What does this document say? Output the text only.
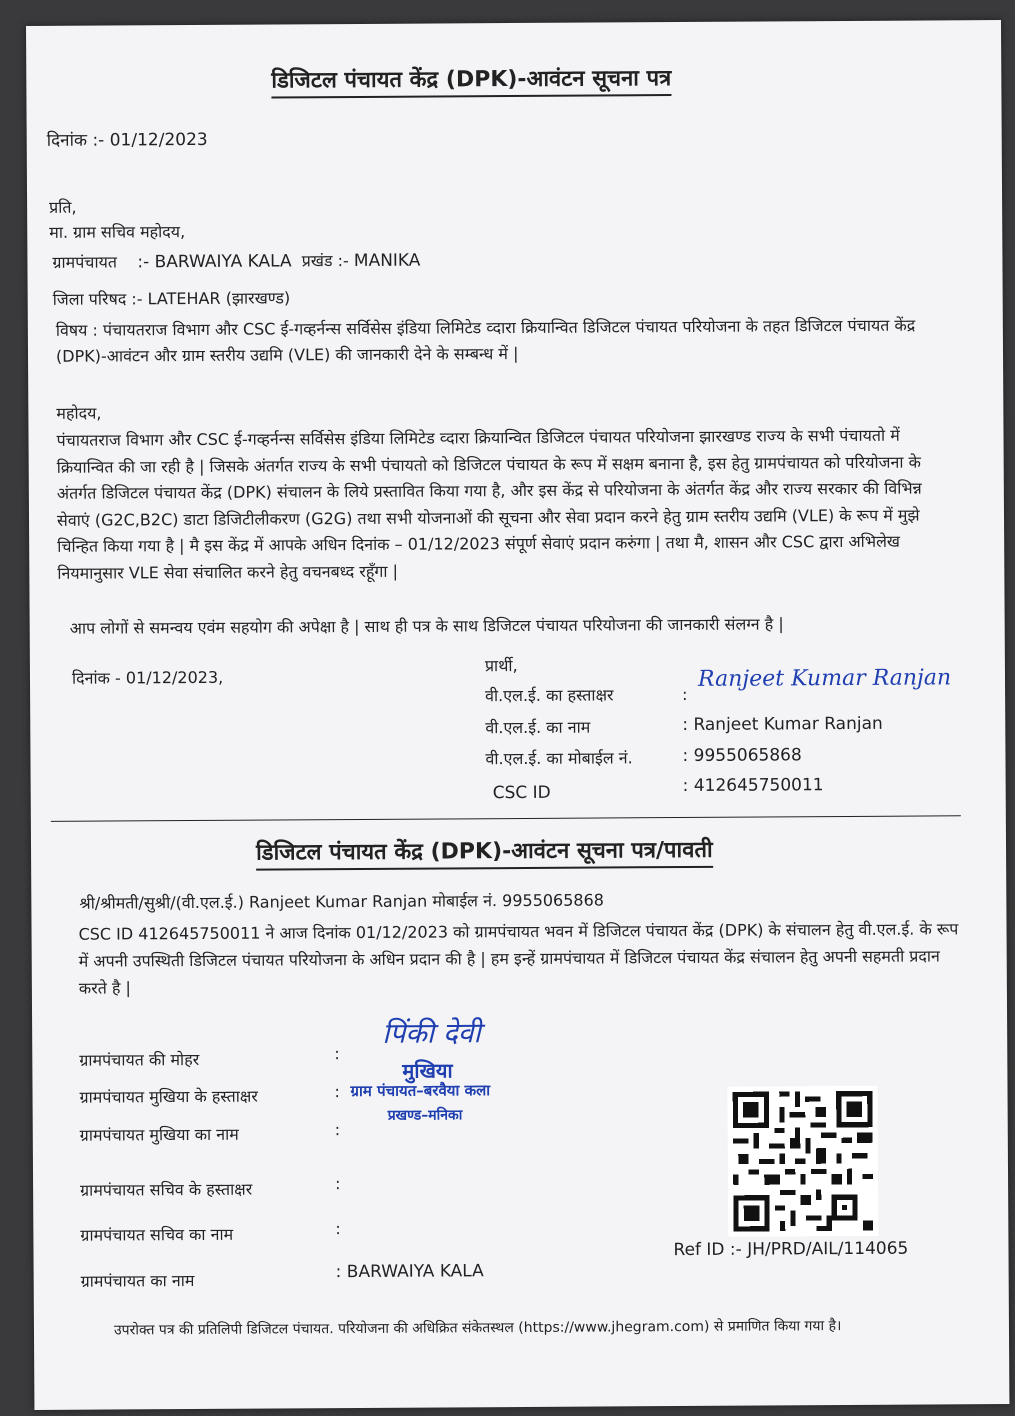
डिजिटल पंचायत केंद्र (DPK)-आवंटन सूचना पत्र
दिनांक :- 01/12/2023
प्रति,
मा. ग्राम सचिव महोदय,
ग्रामपंचायत :- BARWAIYA KALA प्रखंड :- MANIKA
जिला परिषद :- LATEHAR (झारखण्ड)
विषय : पंचायतराज विभाग और CSC ई-गव्हर्नन्स सर्विसेस इंडिया लिमिटेड व्दारा क्रियान्वित डिजिटल पंचायत परियोजना के तहत डिजिटल पंचायत केंद्र (DPK)-आवंटन और ग्राम स्तरीय उद्यमि (VLE) की जानकारी देने के सम्बन्ध में |
महोदय,
पंचायतराज विभाग और CSC ई-गव्हर्नन्स सर्विसेस इंडिया लिमिटेड व्दारा क्रियान्वित डिजिटल पंचायत परियोजना झारखण्ड राज्य के सभी पंचायतो में क्रियान्वित की जा रही है | जिसके अंतर्गत राज्य के सभी पंचायतो को डिजिटल पंचायत के रूप में सक्षम बनाना है, इस हेतु ग्रामपंचायत को परियोजना के अंतर्गत डिजिटल पंचायत केंद्र (DPK) संचालन के लिये प्रस्तावित किया गया है, और इस केंद्र से परियोजना के अंतर्गत केंद्र और राज्य सरकार की विभिन्न सेवाएं (G2C,B2C) डाटा डिजिटीलीकरण (G2G) तथा सभी योजनाओं की सूचना और सेवा प्रदान करने हेतु ग्राम स्तरीय उद्यमि (VLE) के रूप में मुझे चिन्हित किया गया है | मै इस केंद्र में आपके अधिन दिनांक – 01/12/2023 संपूर्ण सेवाएं प्रदान करुंगा | तथा मै, शासन और CSC द्वारा अभिलेख नियमानुसार VLE सेवा संचालित करने हेतु वचनबध्द रहूँगा |
आप लोगों से समन्वय एवंम सहयोग की अपेक्षा है | साथ ही पत्र के साथ डिजिटल पंचायत परियोजना की जानकारी संलग्न है |
दिनांक - 01/12/2023,
प्रार्थी,
वी.एल.ई. का हस्ताक्षर	:
Ranjeet Kumar Ranjan
वी.एल.ई. का नाम	: Ranjeet Kumar Ranjan
वी.एल.ई. का मोबाईल नं.	: 9955065868
CSC ID	: 412645750011
डिजिटल पंचायत केंद्र (DPK)-आवंटन सूचना पत्र/पावती
श्री/श्रीमती/सुश्री/(वी.एल.ई.) Ranjeet Kumar Ranjan मोबाईल नं. 9955065868
CSC ID 412645750011 ने आज दिनांक 01/12/2023 को ग्रामपंचायत भवन में डिजिटल पंचायत केंद्र (DPK) के संचालन हेतु वी.एल.ई. के रूप में अपनी उपस्थिती डिजिटल पंचायत परियोजना के अधिन प्रदान की है | हम इन्हें ग्रामपंचायत में डिजिटल पंचायत केंद्र संचालन हेतु अपनी सहमती प्रदान करते है |
ग्रामपंचायत की मोहर	:
ग्रामपंचायत मुखिया के हस्ताक्षर	:
ग्रामपंचायत मुखिया का नाम	:
ग्रामपंचायत सचिव के हस्ताक्षर	:
ग्रामपंचायत सचिव का नाम	:
ग्रामपंचायत का नाम	: BARWAIYA KALA
पिंकी देवी
मुखिया
ग्राम पंचायत–बरवैया कला
प्रखण्ड–मनिका
Ref ID :- JH/PRD/AIL/114065
उपरोक्त पत्र की प्रतिलिपी डिजिटल पंचायत. परियोजना की अधिक्रित संकेतस्थल (https://www.jhegram.com) से प्रमाणित किया गया है।
